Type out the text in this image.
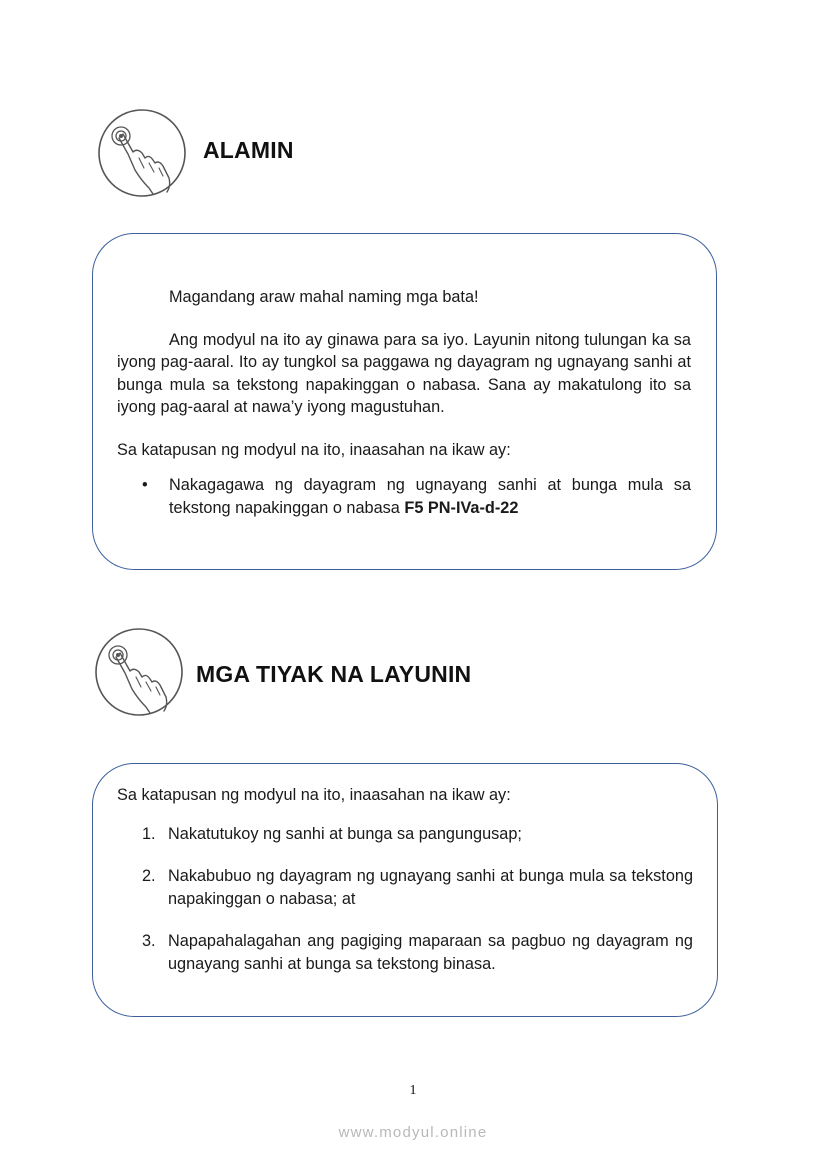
ALAMIN

Magandang araw mahal naming mga bata!

Ang modyul na ito ay ginawa para sa iyo. Layunin nitong tulungan ka sa iyong pag-aaral. Ito ay tungkol sa paggawa ng dayagram ng ugnayang sanhi at bunga mula sa tekstong napakinggan o nabasa. Sana ay makatulong ito sa iyong pag-aaral at nawa’y iyong magustuhan.

Sa katapusan ng modyul na ito, inaasahan na ikaw ay:

•	Nakagagawa ng dayagram ng ugnayang sanhi at bunga mula sa tekstong napakinggan o nabasa F5 PN-IVa-d-22
MGA TIYAK NA LAYUNIN

Sa katapusan ng modyul na ito, inaasahan na ikaw ay:

1. Nakatutukoy ng sanhi at bunga sa pangungusap;
2. Nakabubuo ng dayagram ng ugnayang sanhi at bunga mula sa tekstong napakinggan o nabasa; at
3. Napapahalagahan ang pagiging maparaan sa pagbuo ng dayagram ng ugnayang sanhi at bunga sa tekstong binasa.
1
www.modyul.online
